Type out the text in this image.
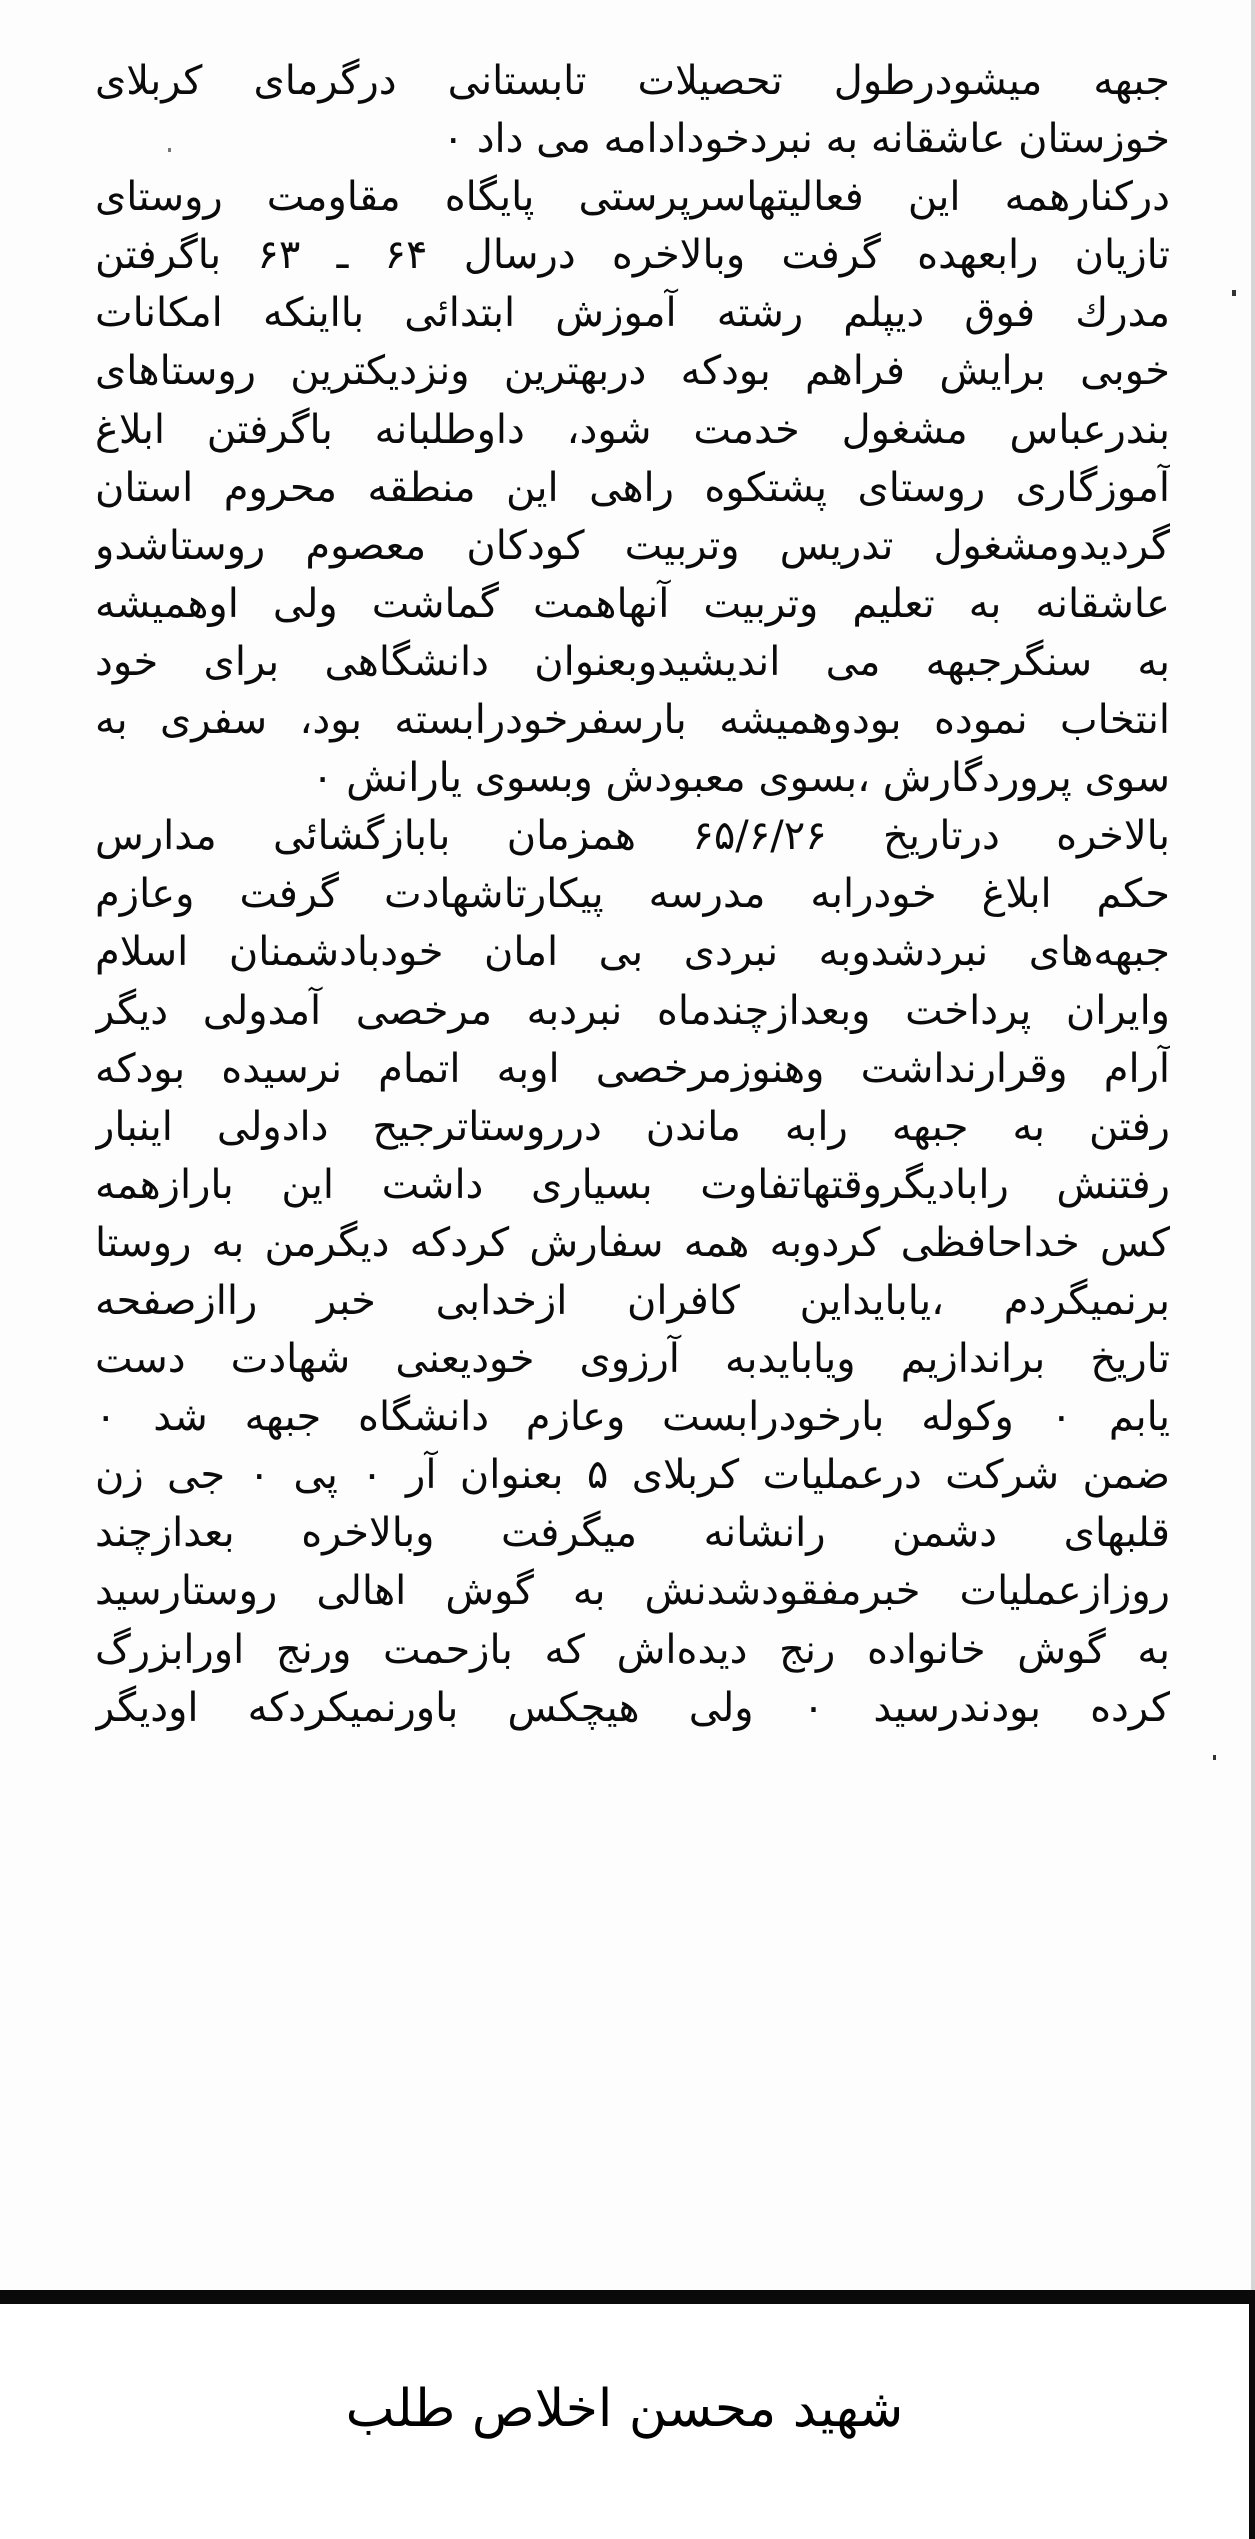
جبهه میشودرطول تحصیلات تابستانی درگرمای کربلای
خوزستان عاشقانه به نبردخودادامه می داد ۰
درکنارهمه این فعالیتهاسرپرستی پایگاه مقاومت روستای
تازیان رابعهده گرفت وبالاخره درسال ۶۴ ـ ۶۳ باگرفتن
مدرك فوق دیپلم رشته آموزش ابتدائی بااینکه امکانات
خوبی برایش فراهم بودکه دربهترین ونزدیکترین روستاهای
بندرعباس مشغول خدمت شود، داوطلبانه باگرفتن ابلاغ
آموزگاری روستای پشتکوه راهی این منطقه محروم استان
گردیدومشغول تدریس وتربیت کودکان معصوم روستاشدو
عاشقانه به تعلیم وتربیت آنهاهمت گماشت ولی اوهمیشه
به سنگرجبهه می اندیشیدوبعنوان دانشگاهی برای خود
انتخاب نموده بودوهمیشه بارسفرخودرابسته بود، سفری به
سوی پروردگارش ،بسوی معبودش وبسوی یارانش ۰
بالاخره درتاریخ ۶۵/۶/۲۶ همزمان بابازگشائی مدارس
حکم ابلاغ خودرابه مدرسه پیکارتاشهادت گرفت وعازم
جبهه‌های نبردشدوبه نبردی بی امان خودبادشمنان اسلام
وایران پرداخت وبعدازچندماه نبردبه مرخصی آمدولی دیگر
آرام وقرارنداشت وهنوزمرخصی اوبه اتمام نرسیده بودکه
رفتن به جبهه رابه ماندن درروستاترجیح دادولی اینبار
رفتنش رابادیگروقتهاتفاوت بسیاری داشت این بارازهمه
کس خداحافظی کردوبه همه سفارش کردکه دیگرمن به روستا
برنمیگردم ،یابایداین کافران ازخدابی خبر راازصفحه
تاریخ براندازیم ویابایدبه آرزوی خودیعنی شهادت دست
یابم ۰ وکوله بارخودرابست وعازم دانشگاه جبهه شد ۰
ضمن شرکت درعملیات کربلای ۵ بعنوان آر ۰ پی ۰ جی زن
قلبهای دشمن رانشانه میگرفت وبالاخره بعدازچند
روزازعملیات خبرمفقودشدنش به گوش اهالی روستارسید
به گوش خانواده رنج دیده‌اش که بازحمت ورنج اورابزرگ
کرده بودندرسید ۰ ولی هیچکس باورنمیکردکه اودیگر
شهید محسن اخلاص طلب
